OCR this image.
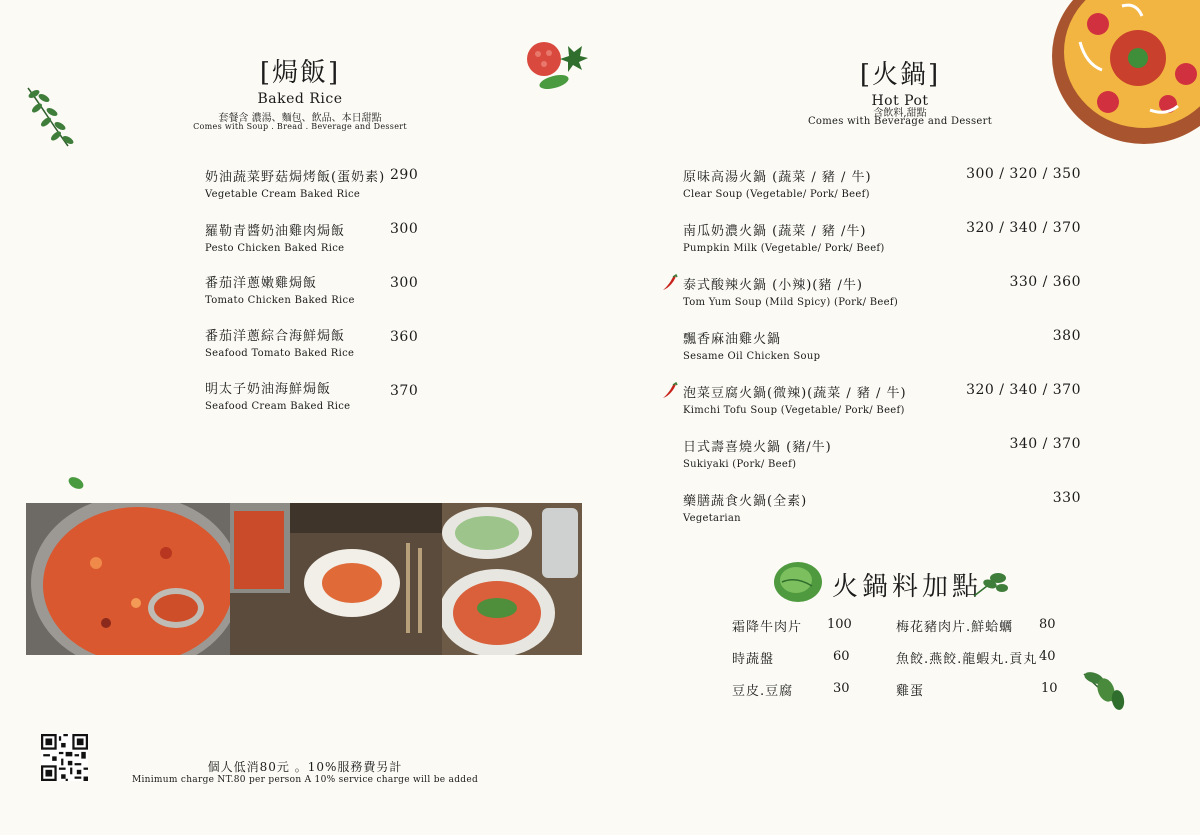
[焗飯]
Baked Rice
套餐含 濃湯、麵包、飲品、本日甜點
Comes with Soup . Bread . Beverage and Dessert
奶油蔬菜野菇焗烤飯(蛋奶素)
Vegetable Cream Baked Rice
290
羅勒青醬奶油雞肉焗飯
Pesto Chicken Baked Rice
300
番茄洋蔥嫩雞焗飯
Tomato Chicken Baked Rice
300
番茄洋蔥綜合海鮮焗飯
Seafood Tomato Baked Rice
360
明太子奶油海鮮焗飯
Seafood Cream Baked Rice
370
個人低消80元 。10%服務費另計
Minimum charge NT.80 per person A 10% service charge will be added
[火鍋]
Hot Pot
含飲料,甜點
Comes with Beverage and Dessert
原味高湯火鍋 (蔬菜 / 豬 / 牛)
Clear Soup (Vegetable/ Pork/ Beef)
300 / 320 / 350
南瓜奶濃火鍋 (蔬菜 / 豬 /牛)
Pumpkin Milk (Vegetable/ Pork/ Beef)
320 / 340 / 370
泰式酸辣火鍋 (小辣)(豬 /牛)
Tom Yum Soup (Mild Spicy) (Pork/ Beef)
330 / 360
飄香麻油雞火鍋
Sesame Oil Chicken Soup
380
泡菜豆腐火鍋(微辣)(蔬菜 / 豬 / 牛)
Kimchi Tofu Soup (Vegetable/ Pork/ Beef)
320 / 340 / 370
日式壽喜燒火鍋 (豬/牛)
Sukiyaki (Pork/ Beef)
340 / 370
藥膳蔬食火鍋(全素)
Vegetarian
330
火鍋料加點
霜降牛肉片 100
時蔬盤	60
豆皮.豆腐	30
梅花豬肉片.鮮蛤蠣 80
魚餃.燕餃.龍蝦丸.貢丸 40
雞蛋	10
